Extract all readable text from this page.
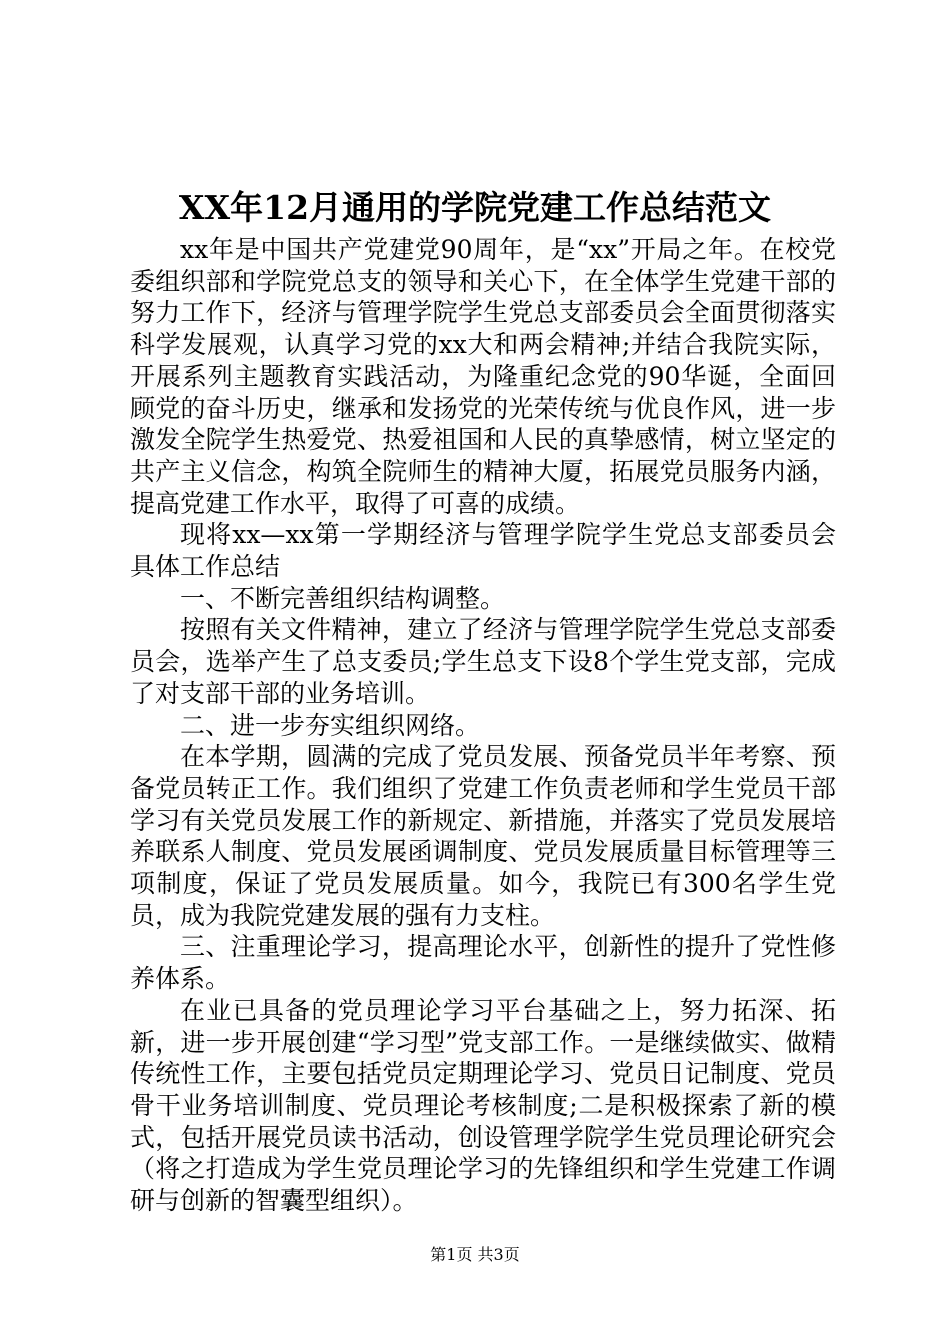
XX年12月通用的学院党建工作总结范文

xx年是中国共产党建党90周年，是“xx”开局之年。在校党委组织部和学院党总支的领导和关心下，在全体学生党建干部的努力工作下，经济与管理学院学生党总支部委员会全面贯彻落实科学发展观，认真学习党的xx大和两会精神;并结合我院实际，开展系列主题教育实践活动，为隆重纪念党的90华诞，全面回顾党的奋斗历史，继承和发扬党的光荣传统与优良作风，进一步激发全院学生热爱党、热爱祖国和人民的真挚感情，树立坚定的共产主义信念，构筑全院师生的精神大厦，拓展党员服务内涵，提高党建工作水平，取得了可喜的成绩。

现将xx—xx第一学期经济与管理学院学生党总支部委员会具体工作总结

一、不断完善组织结构调整。

按照有关文件精神，建立了经济与管理学院学生党总支部委员会，选举产生了总支委员;学生总支下设8个学生党支部，完成了对支部干部的业务培训。

二、进一步夯实组织网络。

在本学期，圆满的完成了党员发展、预备党员半年考察、预备党员转正工作。我们组织了党建工作负责老师和学生党员干部学习有关党员发展工作的新规定、新措施，并落实了党员发展培养联系人制度、党员发展函调制度、党员发展质量目标管理等三项制度，保证了党员发展质量。如今，我院已有300名学生党员，成为我院党建发展的强有力支柱。

三、注重理论学习，提高理论水平，创新性的提升了党性修养体系。

在业已具备的党员理论学习平台基础之上，努力拓深、拓新，进一步开展创建“学习型”党支部工作。一是继续做实、做精传统性工作，主要包括党员定期理论学习、党员日记制度、党员骨干业务培训制度、党员理论考核制度;二是积极探索了新的模式，包括开展党员读书活动，创设管理学院学生党员理论研究会（将之打造成为学生党员理论学习的先锋组织和学生党建工作调研与创新的智囊型组织）。

第1页 共3页
